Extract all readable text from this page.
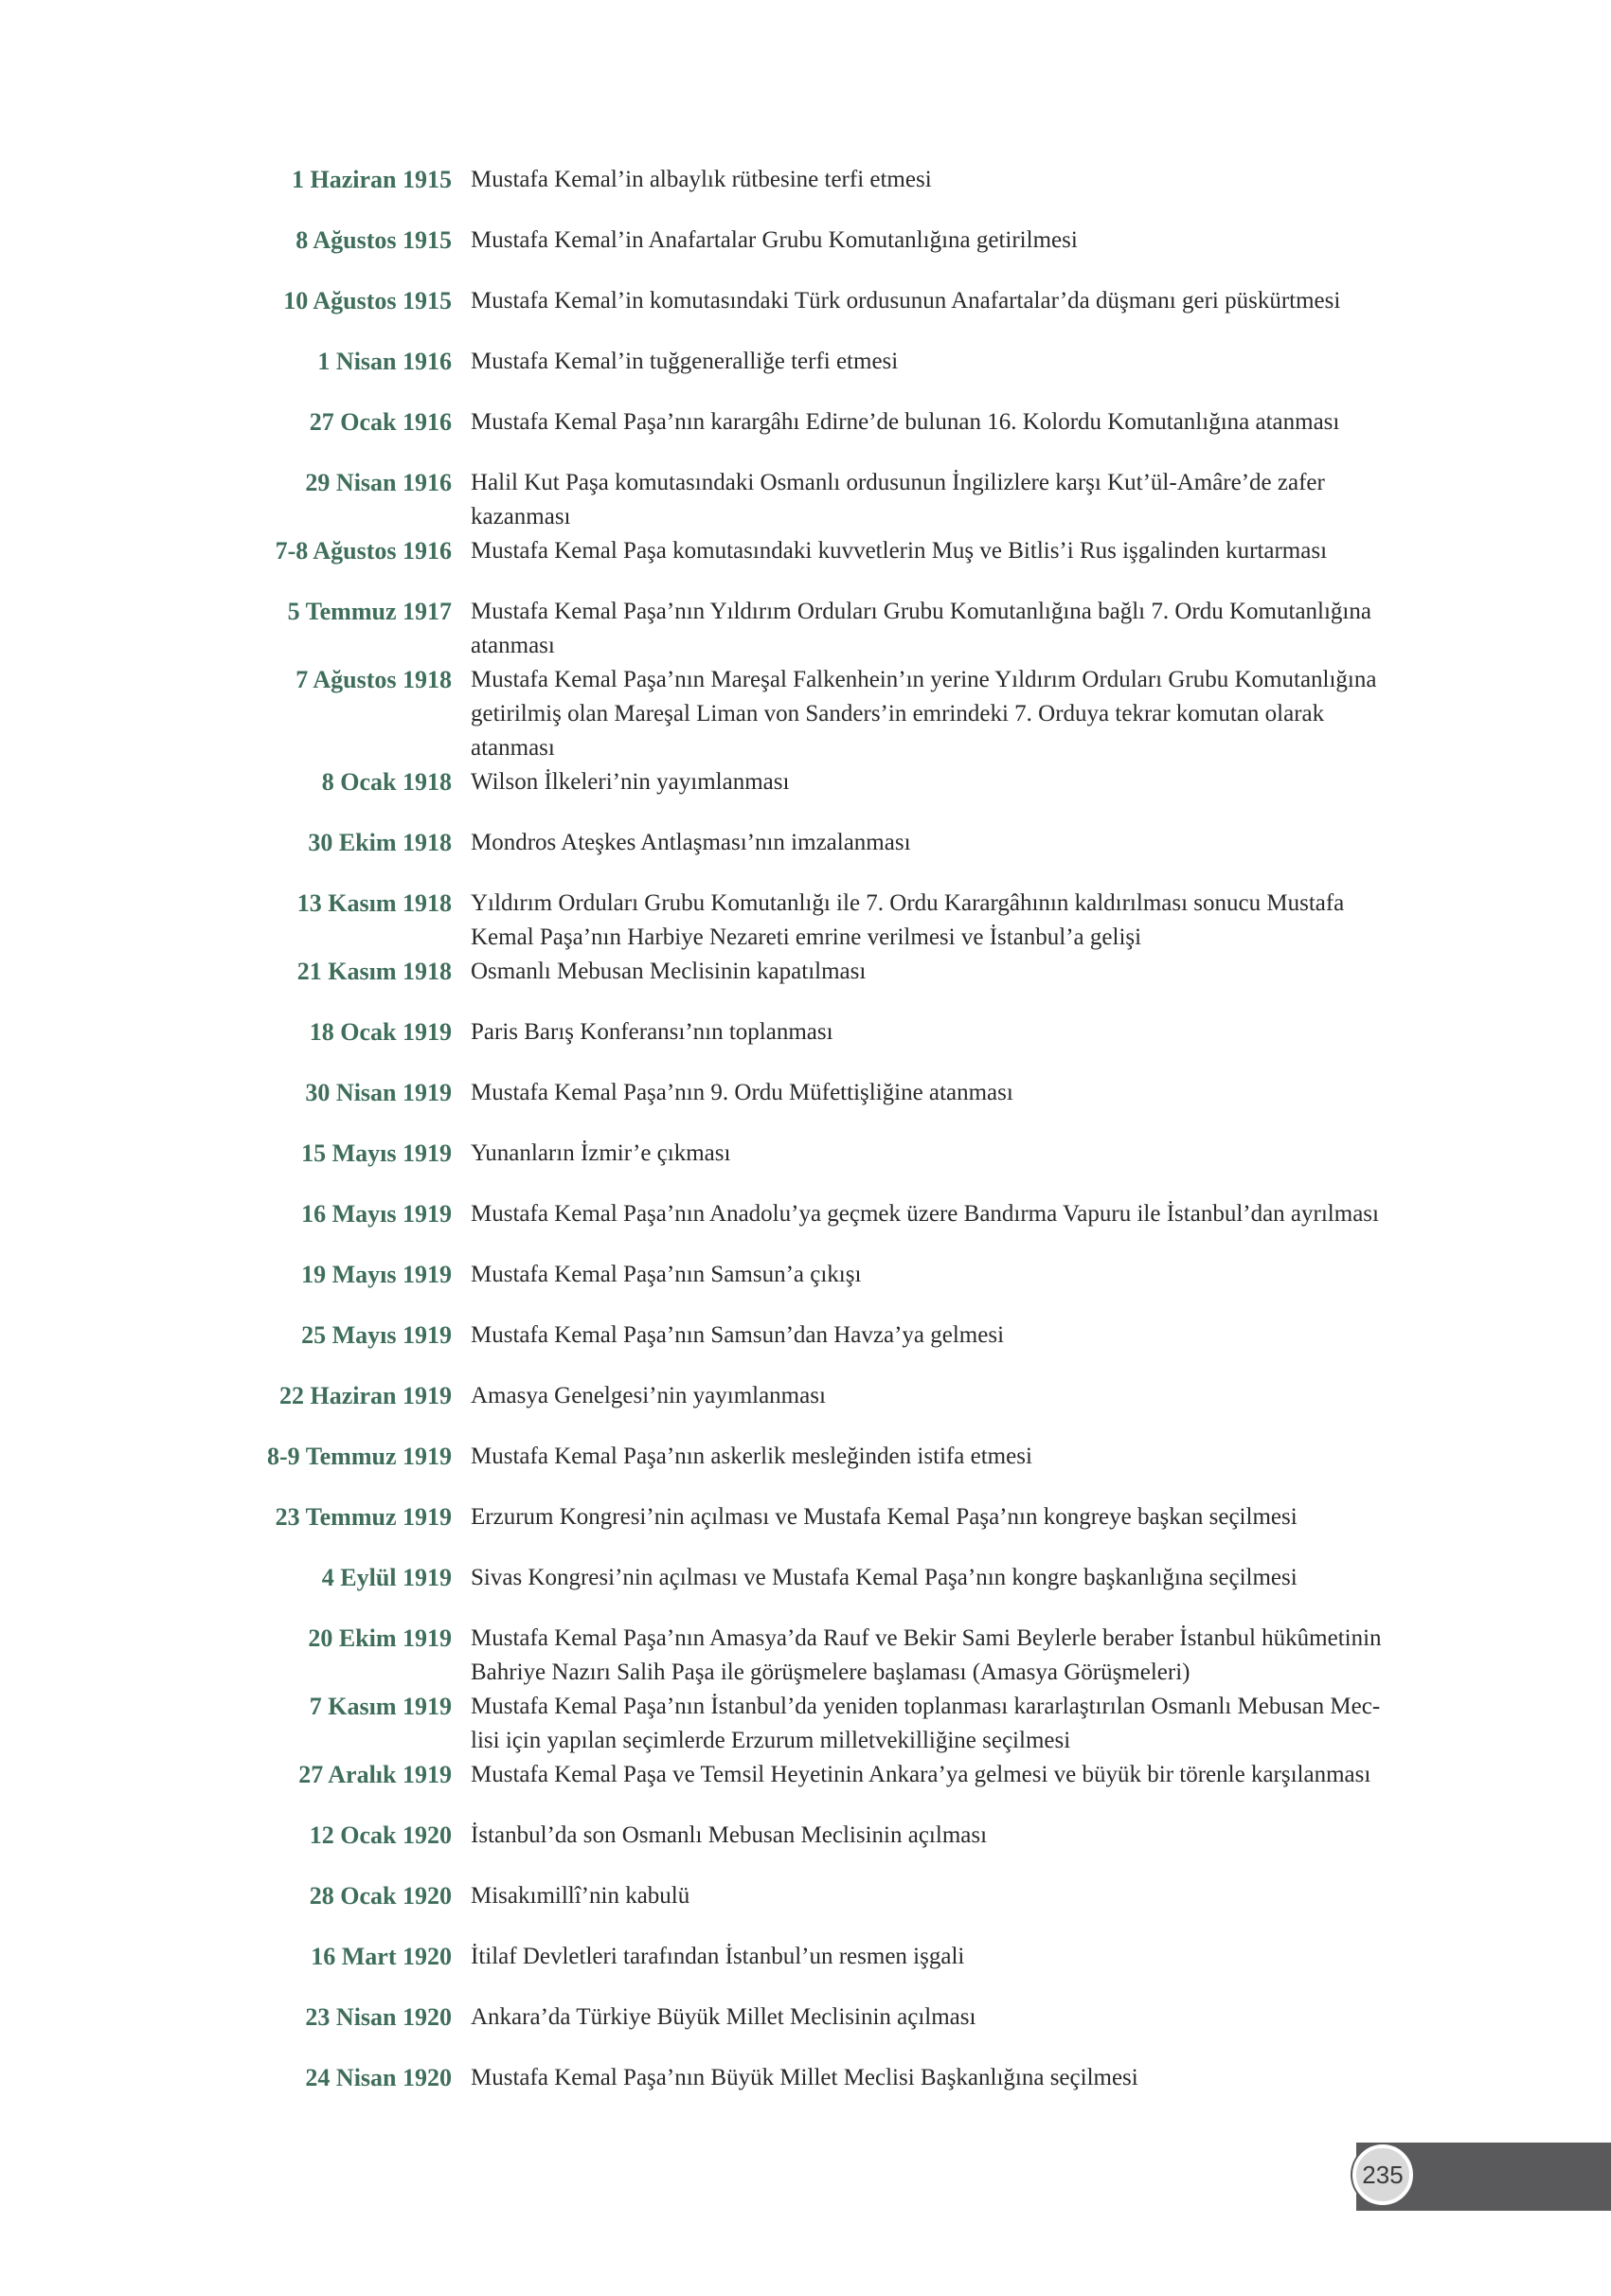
1 Haziran 1915 Mustafa Kemal’in albaylık rütbesine terfi etmesi
8 Ağustos 1915 Mustafa Kemal’in Anafartalar Grubu Komutanlığına getirilmesi
10 Ağustos 1915 Mustafa Kemal’in komutasındaki Türk ordusunun Anafartalar’da düşmanı geri püskürtmesi
1 Nisan 1916 Mustafa Kemal’in tuğgeneralliğe terfi etmesi
27 Ocak 1916 Mustafa Kemal Paşa’nın karargâhı Edirne’de bulunan 16. Kolordu Komutanlığına atanması
29 Nisan 1916 Halil Kut Paşa komutasındaki Osmanlı ordusunun İngilizlere karşı Kut’ül-Amâre’de zafer kazanması
7-8 Ağustos 1916 Mustafa Kemal Paşa komutasındaki kuvvetlerin Muş ve Bitlis’i Rus işgalinden kurtarması
5 Temmuz 1917 Mustafa Kemal Paşa’nın Yıldırım Orduları Grubu Komutanlığına bağlı 7. Ordu Komutanlığına atanması
7 Ağustos 1918 Mustafa Kemal Paşa’nın Mareşal Falkenhein’ın yerine Yıldırım Orduları Grubu Komutanlığına getirilmiş olan Mareşal Liman von Sanders’in emrindeki 7. Orduya tekrar komutan olarak atanması
8 Ocak 1918 Wilson İlkeleri’nin yayımlanması
30 Ekim 1918 Mondros Ateşkes Antlaşması’nın imzalanması
13 Kasım 1918 Yıldırım Orduları Grubu Komutanlığı ile 7. Ordu Karargâhının kaldırılması sonucu Mustafa Kemal Paşa’nın Harbiye Nezareti emrine verilmesi ve İstanbul’a gelişi
21 Kasım 1918 Osmanlı Mebusan Meclisinin kapatılması
18 Ocak 1919 Paris Barış Konferansı’nın toplanması
30 Nisan 1919 Mustafa Kemal Paşa’nın 9. Ordu Müfettişliğine atanması
15 Mayıs 1919 Yunanların İzmir’e çıkması
16 Mayıs 1919 Mustafa Kemal Paşa’nın Anadolu’ya geçmek üzere Bandırma Vapuru ile İstanbul’dan ayrılması
19 Mayıs 1919 Mustafa Kemal Paşa’nın Samsun’a çıkışı
25 Mayıs 1919 Mustafa Kemal Paşa’nın Samsun’dan Havza’ya gelmesi
22 Haziran 1919 Amasya Genelgesi’nin yayımlanması
8-9 Temmuz 1919 Mustafa Kemal Paşa’nın askerlik mesleğinden istifa etmesi
23 Temmuz 1919 Erzurum Kongresi’nin açılması ve Mustafa Kemal Paşa’nın kongreye başkan seçilmesi
4 Eylül 1919 Sivas Kongresi’nin açılması ve Mustafa Kemal Paşa’nın kongre başkanlığına seçilmesi
20 Ekim 1919 Mustafa Kemal Paşa’nın Amasya’da Rauf ve Bekir Sami Beylerle beraber İstanbul hükûmetinin Bahriye Nazırı Salih Paşa ile görüşmelere başlaması (Amasya Görüşmeleri)
7 Kasım 1919 Mustafa Kemal Paşa’nın İstanbul’da yeniden toplanması kararlaştırılan Osmanlı Mebusan Mec-lisi için yapılan seçimlerde Erzurum milletvekilliğine seçilmesi
27 Aralık 1919 Mustafa Kemal Paşa ve Temsil Heyetinin Ankara’ya gelmesi ve büyük bir törenle karşılanması
12 Ocak 1920 İstanbul’da son Osmanlı Mebusan Meclisinin açılması
28 Ocak 1920 Misakımillî’nin kabulü
16 Mart 1920 İtilaf Devletleri tarafından İstanbul’un resmen işgali
23 Nisan 1920 Ankara’da Türkiye Büyük Millet Meclisinin açılması
24 Nisan 1920 Mustafa Kemal Paşa’nın Büyük Millet Meclisi Başkanlığına seçilmesi
235
